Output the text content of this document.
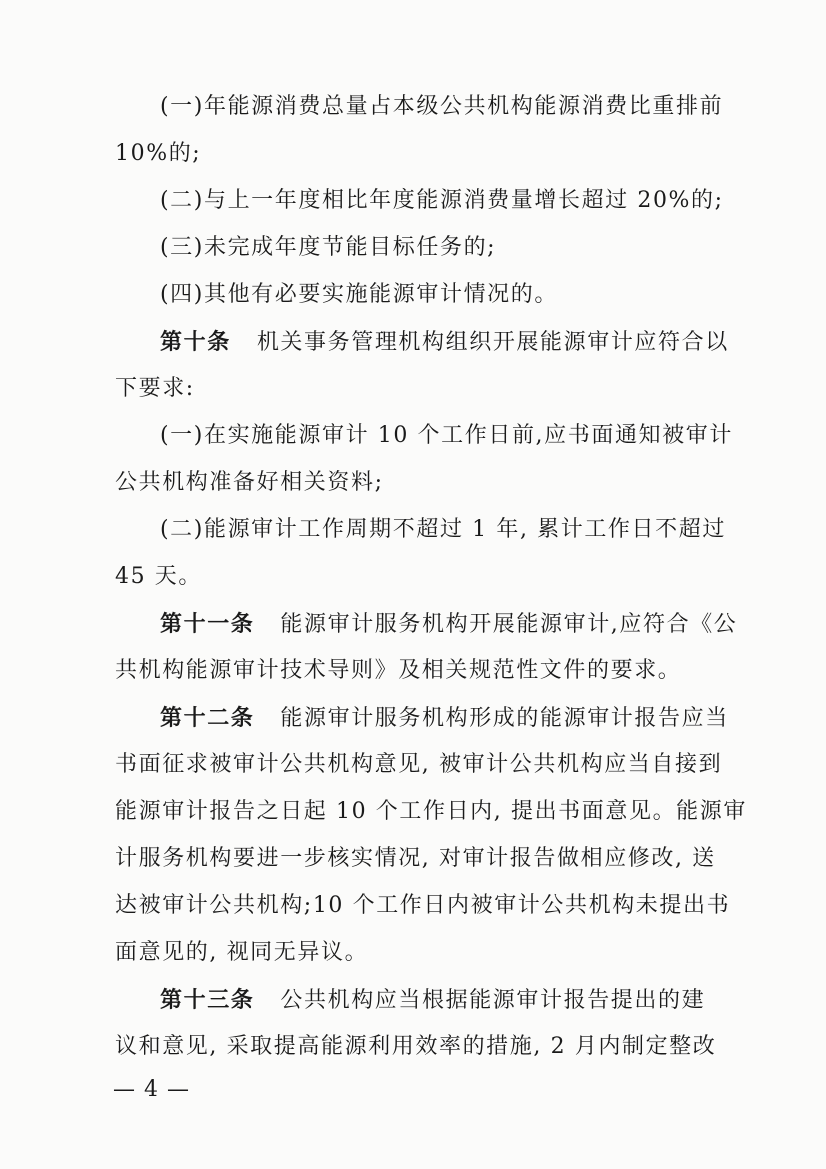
(一)年能源消费总量占本级公共机构能源消费比重排前
10%的;
(二)与上一年度相比年度能源消费量增长超过 20%的;
(三)未完成年度节能目标任务的;
(四)其他有必要实施能源审计情况的。
第十条 机关事务管理机构组织开展能源审计应符合以
下要求:
(一)在实施能源审计 10 个工作日前,应书面通知被审计
公共机构准备好相关资料;
(二)能源审计工作周期不超过 1 年, 累计工作日不超过
45 天。
第十一条 能源审计服务机构开展能源审计,应符合《公
共机构能源审计技术导则》及相关规范性文件的要求。
第十二条 能源审计服务机构形成的能源审计报告应当
书面征求被审计公共机构意见, 被审计公共机构应当自接到
能源审计报告之日起 10 个工作日内, 提出书面意见。能源审
计服务机构要进一步核实情况, 对审计报告做相应修改, 送
达被审计公共机构;10 个工作日内被审计公共机构未提出书
面意见的, 视同无异议。
第十三条 公共机构应当根据能源审计报告提出的建
议和意见, 采取提高能源利用效率的措施, 2 月内制定整改
— 4 —
